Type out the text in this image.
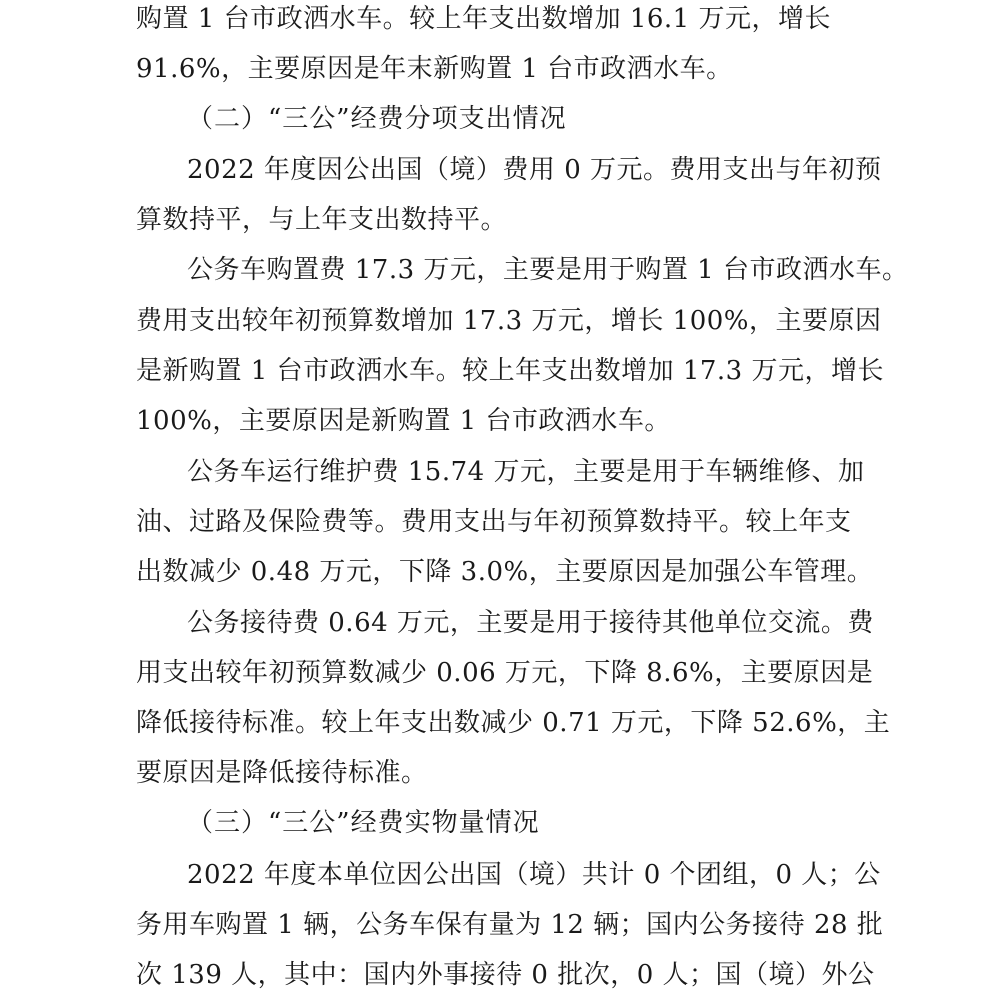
购置 1 台市政洒水车。较上年支出数增加 16.1 万元，增长
91.6%，主要原因是年末新购置 1 台市政洒水车。
（二）“三公”经费分项支出情况
2022 年度因公出国（境）费用 0 万元。费用支出与年初预
算数持平，与上年支出数持平。
公务车购置费 17.3 万元，主要是用于购置 1 台市政洒水车。
费用支出较年初预算数增加 17.3 万元，增长 100%，主要原因
是新购置 1 台市政洒水车。较上年支出数增加 17.3 万元，增长
100%，主要原因是新购置 1 台市政洒水车。
公务车运行维护费 15.74 万元，主要是用于车辆维修、加
油、过路及保险费等。费用支出与年初预算数持平。较上年支
出数减少 0.48 万元，下降 3.0%，主要原因是加强公车管理。
公务接待费 0.64 万元，主要是用于接待其他单位交流。费
用支出较年初预算数减少 0.06 万元，下降 8.6%，主要原因是
降低接待标准。较上年支出数减少 0.71 万元，下降 52.6%，主
要原因是降低接待标准。
（三）“三公”经费实物量情况
2022 年度本单位因公出国（境）共计 0 个团组，0 人；公
务用车购置 1 辆，公务车保有量为 12 辆；国内公务接待 28 批
次 139 人，其中：国内外事接待 0 批次，0 人；国（境）外公
